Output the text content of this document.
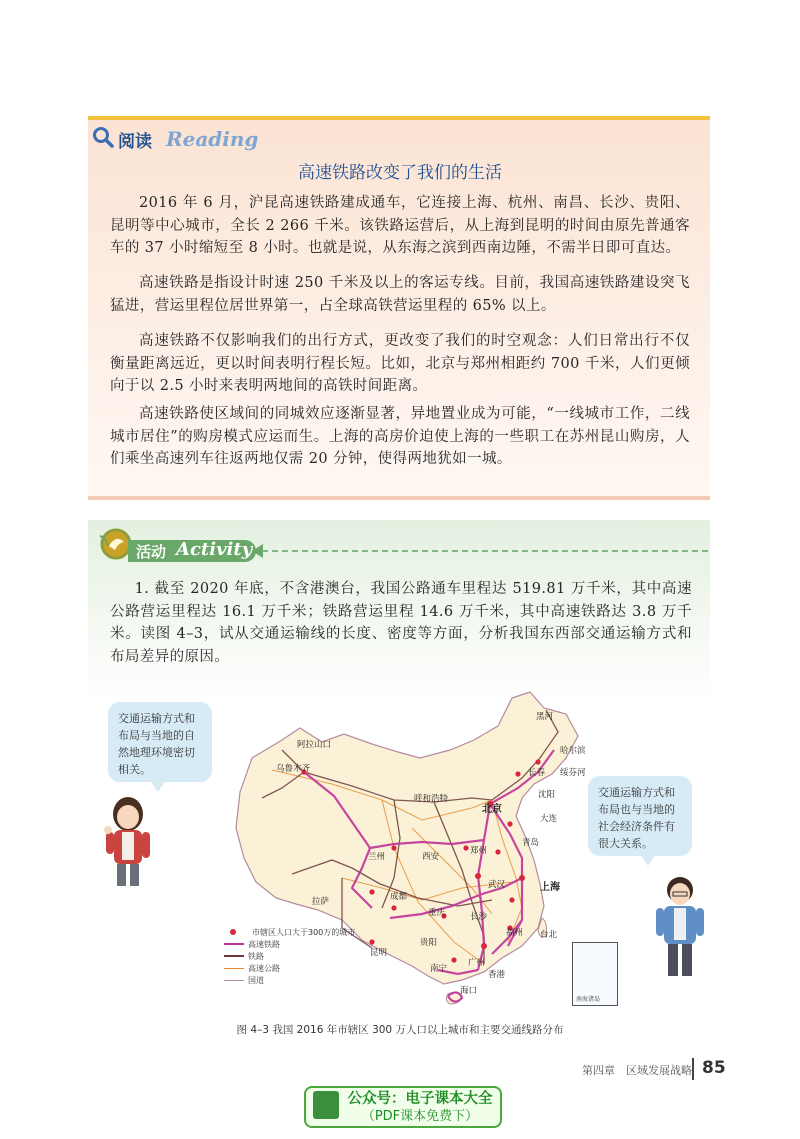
阅读 Reading
高速铁路改变了我们的生活

2016 年 6 月，沪昆高速铁路建成通车，它连接上海、杭州、南昌、长沙、贵阳、昆明等中心城市，全长 2 266 千米。该铁路运营后，从上海到昆明的时间由原先普通客车的 37 小时缩短至 8 小时。也就是说，从东海之滨到西南边陲，不需半日即可直达。

高速铁路是指设计时速 250 千米及以上的客运专线。目前，我国高速铁路建设突飞猛进，营运里程位居世界第一，占全球高铁营运里程的 65% 以上。

高速铁路不仅影响我们的出行方式，更改变了我们的时空观念：人们日常出行不仅衡量距离远近，更以时间表明行程长短。比如，北京与郑州相距约 700 千米，人们更倾向于以 2.5 小时来表明两地间的高铁时间距离。

高速铁路使区域间的同城效应逐渐显著，异地置业成为可能，“一线城市工作，二线城市居住”的购房模式应运而生。上海的高房价迫使上海的一些职工在苏州昆山购房，人们乘坐高速列车往返两地仅需 20 分钟，使得两地犹如一城。

活动 Activity

1. 截至 2020 年底，不含港澳台，我国公路通车里程达 519.81 万千米，其中高速公路营运里程达 16.1 万千米；铁路营运里程 14.6 万千米，其中高速铁路达 3.8 万千米。读图 4–3，试从交通运输线的长度、密度等方面，分析我国东西部交通运输方式和布局差异的原因。

交通运输方式和布局与当地的自然地理环境密切相关。
交通运输方式和布局也与当地的社会经济条件有很大关系。
阿拉山口
乌鲁木齐
呼和浩特
北京
黑河
哈尔滨
长春 绥芬河
沈阳
大连
兰州	西安
郑州
成都
重庆
拉萨
昆明
贵阳
长沙
武汉	上海
福州 台北
广州
海口
南宁
香港
青岛
南海诸岛
市辖区人口大于300万的城市
高速铁路
铁路
高速公路
国道
图 4–3 我国 2016 年市辖区 300 万人口以上城市和主要交通线路分布
第四章　区域发展战略 85
公众号：电子课本大全
（PDF课本免费下）
